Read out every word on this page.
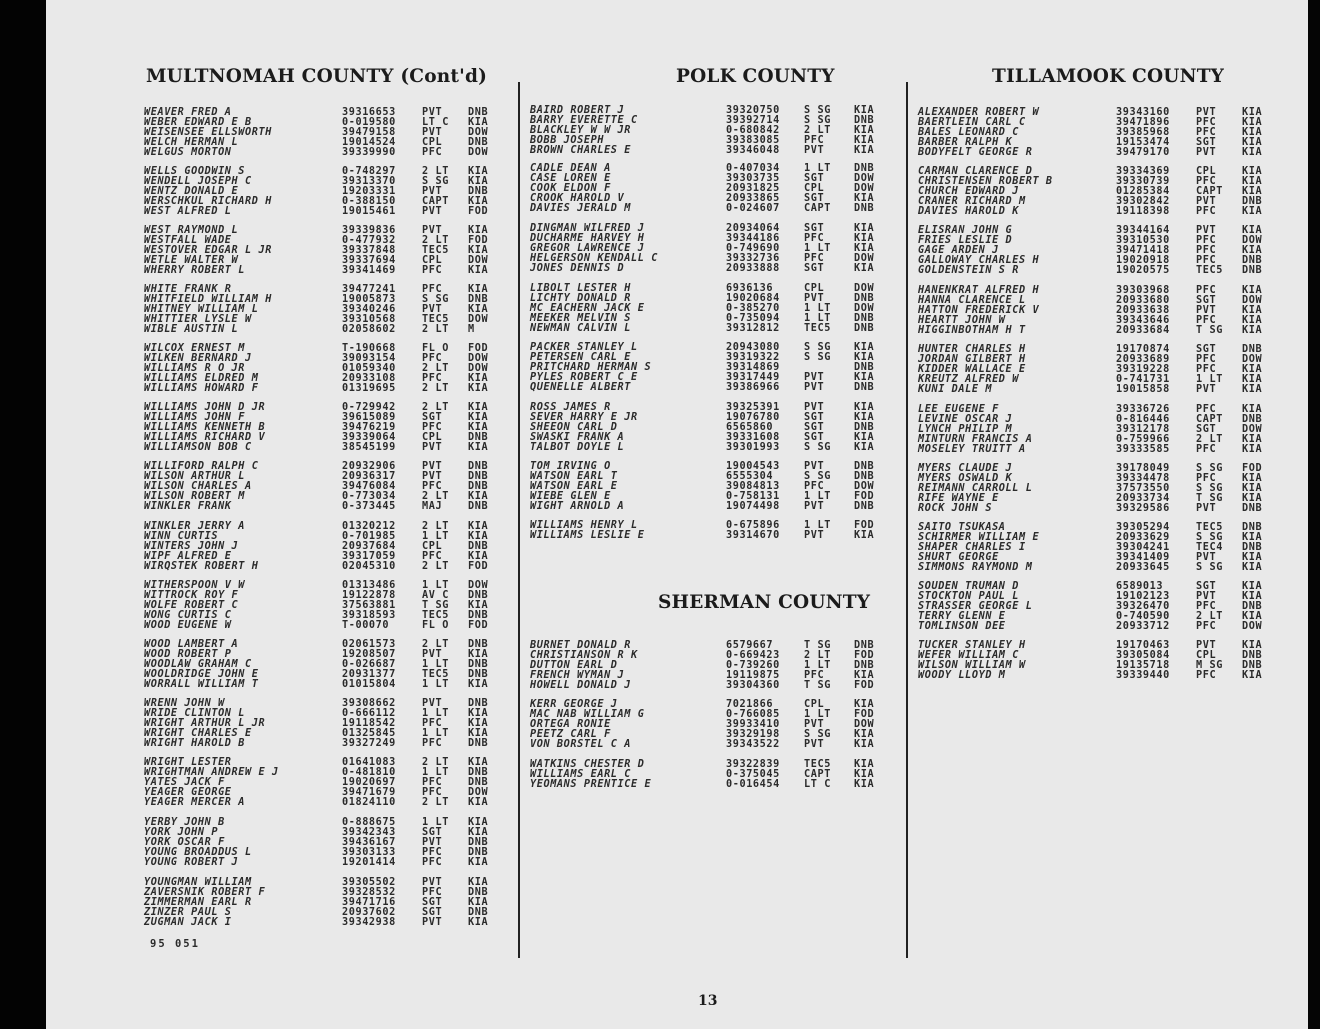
MULTNOMAH COUNTY (Cont'd)
WEAVER FRED A	39316653	PVT	DNB
WEBER EDWARD E B	0-019580	LT C KIA
WEISENSEE ELLSWORTH	39479158	PVT	DOW
WELCH HERMAN L	19014524	CPL	DNB
WELGUS MORTON	39339990	PFC	DOW
WELLS GOODWIN S	0-748297	2 LT KIA
WENDELL JOSEPH C	39313370	S SG KIA
WENTZ DONALD E	19203331	PVT	DNB
WERSCHKUL RICHARD H	0-388150	CAPT KIA
WEST ALFRED L	19015461	PVT	FOD
WEST RAYMOND L	39339836	PVT	KIA
WESTFALL WADE	0-477932	2 LT FOD
WESTOVER EDGAR L JR	39337848	TEC5 KIA
WETLE WALTER W	39337694	CPL	DOW
WHERRY ROBERT L	39341469	PFC	KIA
WHITE FRANK R	39477241	PFC	KIA
WHITFIELD WILLIAM H	19005873	S SG DNB
WHITNEY WILLIAM L	39340246	PVT	KIA
WHITTIER LYSLE W	39310568	TEC5 DOW
WIBLE AUSTIN L	02058602	2 LT M
WILCOX ERNEST M	T-190668	FL O FOD
WILKEN BERNARD J	39093154	PFC	DOW
WILLIAMS R O JR	01059340	2 LT DOW
WILLIAMS ELDRED M	20933108	PFC	KIA
WILLIAMS HOWARD F	01319695	2 LT KIA
WILLIAMS JOHN D JR	0-729942	2 LT KIA
WILLIAMS JOHN F	39615089	SGT	KIA
WILLIAMS KENNETH B	39476219	PFC	KIA
WILLIAMS RICHARD V	39339064	CPL	DNB
WILLIAMSON BOB C	38545199	PVT	KIA
WILLIFORD RALPH C	20932906	PVT	DNB
WILSON ARTHUR L	20936317	PVT	DNB
WILSON CHARLES A	39476084	PFC	DNB
WILSON ROBERT M	0-773034	2 LT KIA
WINKLER FRANK	0-373445	MAJ	DNB
WINKLER JERRY A	01320212	2 LT KIA
WINN CURTIS	0-701985	1 LT KIA
WINTERS JOHN J	20937684	CPL	DNB
WIPF ALFRED E	39317059	PFC	KIA
WIRQSTEK ROBERT H	02045310	2 LT FOD
WITHERSPOON V W	01313486	1 LT DOW
WITTROCK ROY F	19122878	AV C DNB
WOLFE ROBERT C	37563881	T SG KIA
WONG CURTIS C	39318593	TEC5 DNB
WOOD EUGENE W	T-00070	FL O FOD
WOOD LAMBERT A	02061573	2 LT DNB
WOOD ROBERT P	19208507	PVT	KIA
WOODLAW GRAHAM C	0-026687	1 LT DNB
WOOLDRIDGE JOHN E	20931377	TEC5 DNB
WORRALL WILLIAM T	01015804	1 LT KIA
WRENN JOHN W	39308662	PVT	DNB
WRIDE CLINTON L	0-666112	1 LT KIA
WRIGHT ARTHUR L JR	19118542	PFC	KIA
WRIGHT CHARLES E	01325845	1 LT KIA
WRIGHT HAROLD B	39327249	PFC	DNB
WRIGHT LESTER	01641083	2 LT KIA
WRIGHTMAN ANDREW E J	0-481810	1 LT DNB
YATES JACK F	19020697	PFC	DNB
YEAGER GEORGE	39471679	PFC	DOW
YEAGER MERCER A	01824110	2 LT KIA
YERBY JOHN B	0-888675	1 LT KIA
YORK JOHN P	39342343	SGT	KIA
YORK OSCAR F	39436167	PVT	DNB
YOUNG BROADDUS L	39303133	PFC	DNB
YOUNG ROBERT J	19201414	PFC	KIA
YOUNGMAN WILLIAM	39305502	PVT	KIA
ZAVERSNIK ROBERT F	39328532	PFC	DNB
ZIMMERMAN EARL R	39471716	SGT	KIA
ZINZER PAUL S	20937602	SGT	DNB
ZUGMAN JACK I	39342938	PVT	KIA
POLK COUNTY
BAIRD ROBERT J	39320750 S SG KIA
BARRY EVERETTE C	39392714 S SG DNB
BLACKLEY W W JR	0-680842 2 LT KIA
BOBB JOSEPH	39383085 PFC	KIA
BROWN CHARLES E	39346048 PVT	KIA
CADLE DEAN A	0-407034 1 LT DNB
CASE LOREN E	39303735 SGT	DOW
COOK ELDON F	20931825 CPL	DOW
CROOK HAROLD V	20933865 SGT	KIA
DAVIES JERALD M	0-024607 CAPT DNB
DINGMAN WILFRED J	20934064 SGT	KIA
DUCHARME HARVEY H	39344186 PFC	KIA
GREGOR LAWRENCE J	0-749690 1 LT KIA
HELGERSON KENDALL C	39332736 PFC	DOW
JONES DENNIS D	20933888 SGT	KIA
LIBOLT LESTER H	6936136	CPL	DOW
LICHTY DONALD R	19020684 PVT	DNB
MC EACHERN JACK E	0-385270 1 LT DOW
MEEKER MELVIN S	0-735094 1 LT DNB
NEWMAN CALVIN L	39312812 TEC5 DNB
PACKER STANLEY L	20943080 S SG KIA
PETERSEN CARL E	39319322 S SG KIA
PRITCHARD HERMAN S	39314869	DNB
PYLES ROBERT C E	39317449 PVT	KIA
QUENELLE ALBERT	39386966 PVT	DNB
ROSS JAMES R	39325391 PVT	KIA
SEVER HARRY E JR	19076780 SGT	KIA
SHEEON CARL D	6565860	SGT	DNB
SWASKI FRANK A	39331608 SGT	KIA
TALBOT DOYLE L	39301993 S SG KIA
TOM IRVING O	19004543 PVT	DNB
WATSON EARL T	6555304	S SG DNB
WATSON EARL E	39084813 PFC	DOW
WIEBE GLEN E	0-758131 1 LT FOD
WIGHT ARNOLD A	19074498 PVT	DNB
WILLIAMS HENRY L	0-675896 1 LT FOD
WILLIAMS LESLIE E	39314670 PVT	KIA
SHERMAN COUNTY
BURNET DONALD R	6579667	T SG DNB
CHRISTIANSON R K	0-669423 2 LT FOD
DUTTON EARL D	0-739260 1 LT DNB
FRENCH WYMAN J	19119875 PFC	KIA
HOWELL DONALD J	39304360 T SG FOD
KERR GEORGE J	7021866	CPL	KIA
MAC NAB WILLIAM G	0-766085 1 LT FOD
ORTEGA RONIE	39933410 PVT	DOW
PEETZ CARL F	39329198 S SG KIA
VON BORSTEL C A	39343522 PVT	KIA
WATKINS CHESTER D	39322839 TEC5 KIA
WILLIAMS EARL C	0-375045 CAPT KIA
YEOMANS PRENTICE E	0-016454 LT C KIA
TILLAMOOK COUNTY
ALEXANDER ROBERT W	39343160	PVT	KIA
BAERTLEIN CARL C	39471896	PFC	KIA
BALES LEONARD C	39385968	PFC	KIA
BARBER RALPH K	19153474	SGT	KIA
BODYFELT GEORGE R	39479170	PVT	KIA
CARMAN CLARENCE D	39334369	CPL	KIA
CHRISTENSEN ROBERT B	39330739	PFC	KIA
CHURCH EDWARD J	01285384	CAPT KIA
CRANER RICHARD M	39302842	PVT	DNB
DAVIES HAROLD K	19118398	PFC	KIA
ELISRAN JOHN G	39344164	PVT	KIA
FRIES LESLIE D	39310530	PFC	DOW
GAGE ARDEN J	39471418	PFC	KIA
GALLOWAY CHARLES H	19020918	PFC	DNB
GOLDENSTEIN S R	19020575	TEC5 DNB
HANENKRAT ALFRED H	39303968	PFC	KIA
HANNA CLARENCE L	20933680	SGT	DOW
HATTON FREDERICK V	20933638	PVT	KIA
HEARTT JOHN W	39343646	PFC	KIA
HIGGINBOTHAM H T	20933684	T SG KIA
HUNTER CHARLES H	19170874	SGT	DNB
JORDAN GILBERT H	20933689	PFC	DOW
KIDDER WALLACE E	39319228	PFC	KIA
KREUTZ ALFRED W	0-741731	1 LT KIA
KUNI DALE M	19015858	PVT	KIA
LEE EUGENE F	39336726	PFC	KIA
LEVINE OSCAR J	0-816446	CAPT DNB
LYNCH PHILIP M	39312178	SGT	DOW
MINTURN FRANCIS A	0-759966	2 LT KIA
MOSELEY TRUITT A	39333585	PFC	KIA
MYERS CLAUDE J	39178049	S SG FOD
MYERS OSWALD K	39334478	PFC	KIA
REIMANN CARROLL L	37573550	S SG KIA
RIFE WAYNE E	20933734	T SG KIA
ROCK JOHN S	39329586	PVT	DNB
SAITO TSUKASA	39305294	TEC5 DNB
SCHIRMER WILLIAM E	20933629	S SG KIA
SHAPER CHARLES I	39304241	TEC4 DNB
SHURT GEORGE	39341409	PVT	KIA
SIMMONS RAYMOND M	20933645	S SG KIA
SOUDEN TRUMAN D	6589013	SGT	KIA
STOCKTON PAUL L	19102123	PVT	KIA
STRASSER GEORGE L	39326470	PFC	DNB
TERRY GLENN E	0-740590	2 LT KIA
TOMLINSON DEE	20933712	PFC	DOW
TUCKER STANLEY H	19170463	PVT	KIA
WEFER WILLIAM C	39305084	CPL	DNB
WILSON WILLIAM W	19135718	M SG DNB
WOODY LLOYD M	39339440	PFC	KIA
95 051
13
